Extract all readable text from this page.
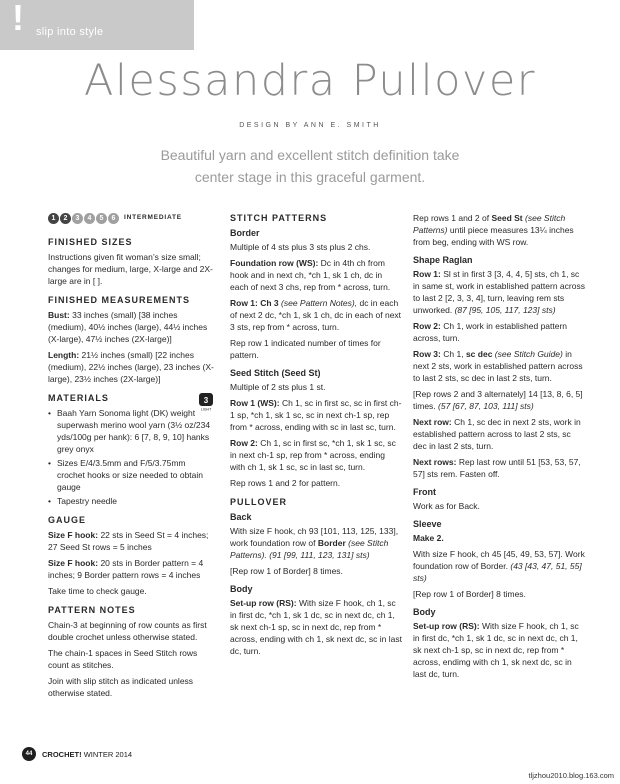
! slip into style
Alessandra Pullover
DESIGN BY ANN E. SMITH
Beautiful yarn and excellent stitch definition take
center stage in this graceful garment.
1	2	3	4	5	6	INTERMEDIATE
FINISHED SIZES

Instructions given fit woman’s size small; changes for medium, large, X-large and 2X-large are in [ ].

FINISHED MEASUREMENTS

Bust: 33 inches (small) [38 inches (medium), 40½ inches (large), 44½ inches (X-large), 47½ inches (2X-large)]

Length: 21½ inches (small) [22 inches (medium), 22½ inches (large), 23 inches (X-large), 23½ inches (2X-large)]

MATERIALS	3
LIGHT
• Baah Yarn Sonoma light (DK) weight superwash merino wool yarn (3½ oz/234 yds/100g per hank): 6 [7, 8, 9, 10] hanks grey onyx
• Sizes E/4/3.5mm and F/5/3.75mm crochet hooks or size needed to obtain gauge
• Tapestry needle
GAUGE

Size F hook: 22 sts in Seed St = 4 inches; 27 Seed St rows = 5 inches

Size F hook: 20 sts in Border pattern = 4 inches; 9 Border pattern rows = 4 inches

Take time to check gauge.

PATTERN NOTES

Chain-3 at beginning of row counts as first double crochet unless otherwise stated.

The chain-1 spaces in Seed Stitch rows count as stitches.

Join with slip stitch as indicated unless otherwise stated.

STITCH PATTERNS
Border

Multiple of 4 sts plus 3 sts plus 2 chs.

Foundation row (WS): Dc in 4th ch from hook and in next ch, *ch 1, sk 1 ch, dc in each of next 3 chs, rep from * across, turn.

Row 1: Ch 3 (see Pattern Notes), dc in each of next 2 dc, *ch 1, sk 1 ch, dc in each of next 3 sts, rep from * across, turn.

Rep row 1 indicated number of times for pattern.

Seed Stitch (Seed St)

Multiple of 2 sts plus 1 st.

Row 1 (WS): Ch 1, sc in first sc, sc in first ch-1 sp, *ch 1, sk 1 sc, sc in next ch-1 sp, rep from * across, ending with sc in last sc, turn.

Row 2: Ch 1, sc in first sc, *ch 1, sk 1 sc, sc in next ch-1 sp, rep from * across, ending with ch 1, sk 1 sc, sc in last sc, turn.

Rep rows 1 and 2 for pattern.

PULLOVER
Back

With size F hook, ch 93 [101, 113, 125, 133], work foundation row of Border (see Stitch Patterns). (91 [99, 111, 123, 131] sts)

[Rep row 1 of Border] 8 times.

Body

Set-up row (RS): With size F hook, ch 1, sc in first dc, *ch 1, sk 1 dc, sc in next dc, ch 1, sk next ch-1 sp, sc in next dc, rep from * across, ending with ch 1, sk next dc, sc in last dc, turn.

Rep rows 1 and 2 of Seed St (see Stitch Patterns) until piece measures 13¼ inches from beg, ending with WS row.

Shape Raglan

Row 1: Sl st in first 3 [3, 4, 4, 5] sts, ch 1, sc in same st, work in established pattern across to last 2 [2, 3, 3, 4], turn, leaving rem sts unworked. (87 [95, 105, 117, 123] sts)

Row 2: Ch 1, work in established pattern across, turn.

Row 3: Ch 1, sc dec (see Stitch Guide) in next 2 sts, work in established pattern across to last 2 sts, sc dec in last 2 sts, turn.

[Rep rows 2 and 3 alternately] 14 [13, 8, 6, 5] times. (57 [67, 87, 103, 111] sts)

Next row: Ch 1, sc dec in next 2 sts, work in established pattern across to last 2 sts, sc dec in last 2 sts, turn.

Next rows: Rep last row until 51 [53, 53, 57, 57] sts rem. Fasten off.

Front

Work as for Back.

Sleeve

Make 2.

With size F hook, ch 45 [45, 49, 53, 57]. Work foundation row of Border. (43 [43, 47, 51, 55] sts)

[Rep row 1 of Border] 8 times.

Body

Set-up row (RS): With size F hook, ch 1, sc in first dc, *ch 1, sk 1 dc, sc in next dc, ch 1, sk next ch-1 sp, sc in next dc, rep from * across, endimg with ch 1, sk next dc, sc in last dc, turn.

44	CROCHET!
WINTER 2014
tljzhou2010.blog.163.com
